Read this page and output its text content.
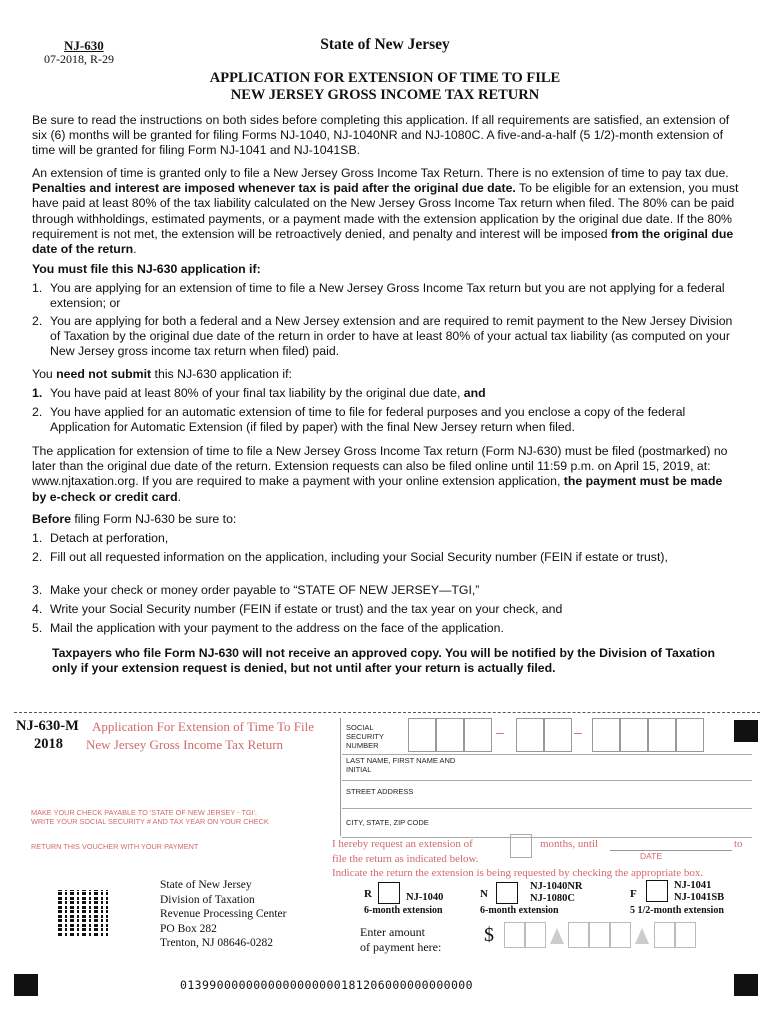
NJ-630
07-2018, R-29
State of New Jersey
APPLICATION FOR EXTENSION OF TIME TO FILE
NEW JERSEY GROSS INCOME TAX RETURN
Be sure to read the instructions on both sides before completing this application. If all requirements are satisfied, an extension of six (6) months will be granted for filing Forms NJ-1040, NJ-1040NR and NJ-1080C. A five-and-a-half (5 1/2)-month extension of time will be granted for filing Form NJ-1041 and NJ-1041SB.
An extension of time is granted only to file a New Jersey Gross Income Tax Return. There is no extension of time to pay tax due. Penalties and interest are imposed whenever tax is paid after the original due date. To be eligible for an extension, you must have paid at least 80% of the tax liability calculated on the New Jersey Gross Income Tax return when filed. The 80% can be paid through withholdings, estimated payments, or a payment made with the extension application by the original due date. If the 80% requirement is not met, the extension will be retroactively denied, and penalty and interest will be imposed from the original due date of the return.
You must file this NJ-630 application if:
1. You are applying for an extension of time to file a New Jersey Gross Income Tax return but you are not applying for a federal extension; or
2. You are applying for both a federal and a New Jersey extension and are required to remit payment to the New Jersey Division of Taxation by the original due date of the return in order to have at least 80% of your actual tax liability (as computed on your New Jersey gross income tax return when filed) paid.
You need not submit this NJ-630 application if:
1. You have paid at least 80% of your final tax liability by the original due date, and
2. You have applied for an automatic extension of time to file for federal purposes and you enclose a copy of the federal Application for Automatic Extension (if filed by paper) with the final New Jersey return when filed.
The application for extension of time to file a New Jersey Gross Income Tax return (Form NJ-630) must be filed (postmarked) no later than the original due date of the return. Extension requests can also be filed online until 11:59 p.m. on April 15, 2019, at: www.njtaxation.org. If you are required to make a payment with your online extension application, the payment must be made by e-check or credit card.
Before filing Form NJ-630 be sure to:
1. Detach at perforation,
2. Fill out all requested information on the application, including your Social Security number (FEIN if estate or trust),
3. Make your check or money order payable to “STATE OF NEW JERSEY—TGI,”
4. Write your Social Security number (FEIN if estate or trust) and the tax year on your check, and
5. Mail the application with your payment to the address on the face of the application.
Taxpayers who file Form NJ-630 will not receive an approved copy. You will be notified by the Division of Taxation only if your extension request is denied, but not until after your return is actually filed.
NJ-630-M
2018
Application For Extension of Time To File
New Jersey Gross Income Tax Return
SOCIAL SECURITY NUMBER
–	–
LAST NAME, FIRST NAME AND INITIAL
STREET ADDRESS
CITY, STATE, ZIP CODE
MAKE YOUR CHECK PAYABLE TO 'STATE OF NEW JERSEY - TGI'.
WRITE YOUR SOCIAL SECURITY # AND TAX YEAR ON YOUR CHECK
RETURN THIS VOUCHER WITH YOUR PAYMENT	I hereby request an extension of	months, until	to
DATE
file the return as indicated below.
Indicate the return the extension is being requested by checking the appropriate box.
State of New Jersey
Division of Taxation
Revenue Processing Center
PO Box 282
Trenton, NJ 08646-0282
R	NJ-1040
6-month extension
N
NJ-1040NR
NJ-1080C
6-month extension
F
NJ-1041
NJ-1041SB
5 1/2-month extension
Enter amount
of payment here:
$
0139900000000000000000181206000000000000
